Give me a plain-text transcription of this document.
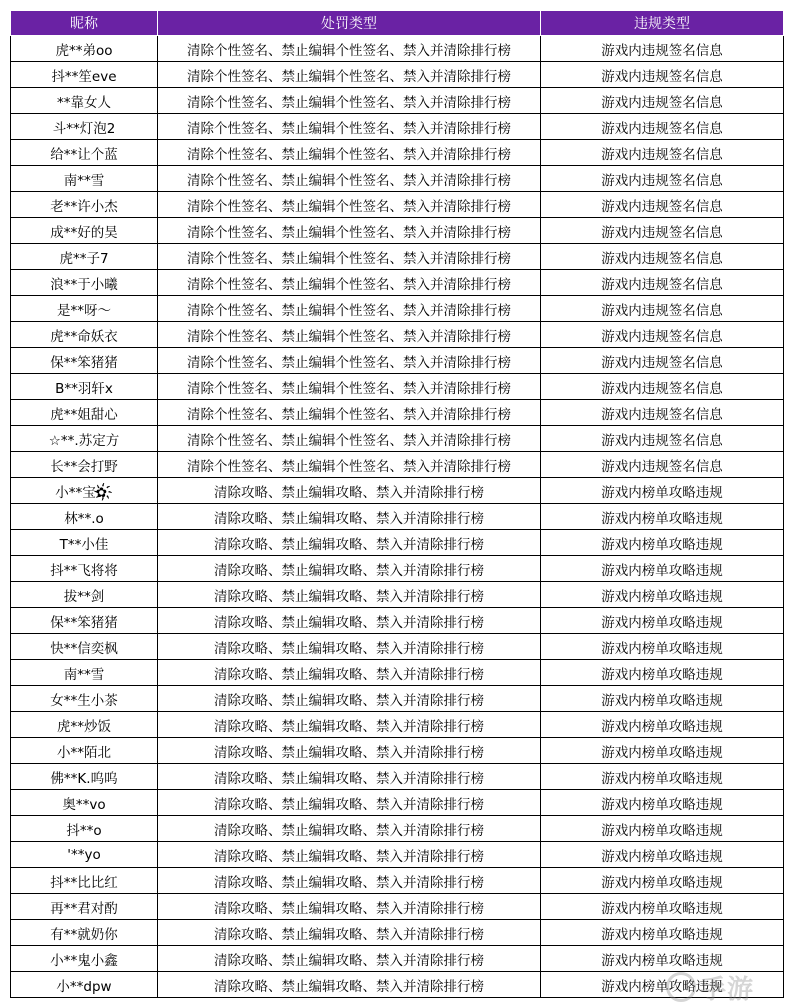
昵称	处罚类型	违规类型
虎**弟oo	清除个性签名、禁止编辑个性签名、禁入并清除排行榜	游戏内违规签名信息
抖**笙eve	清除个性签名、禁止编辑个性签名、禁入并清除排行榜	游戏内违规签名信息
**靠女人	清除个性签名、禁止编辑个性签名、禁入并清除排行榜	游戏内违规签名信息
斗**灯泡2	清除个性签名、禁止编辑个性签名、禁入并清除排行榜	游戏内违规签名信息
给**让个蓝	清除个性签名、禁止编辑个性签名、禁入并清除排行榜	游戏内违规签名信息
南**雪	清除个性签名、禁止编辑个性签名、禁入并清除排行榜	游戏内违规签名信息
老**许小杰	清除个性签名、禁止编辑个性签名、禁入并清除排行榜	游戏内违规签名信息
成**好的昊	清除个性签名、禁止编辑个性签名、禁入并清除排行榜	游戏内违规签名信息
虎**子7	清除个性签名、禁止编辑个性签名、禁入并清除排行榜	游戏内违规签名信息
浪**于小曦	清除个性签名、禁止编辑个性签名、禁入并清除排行榜	游戏内违规签名信息
是**呀～	清除个性签名、禁止编辑个性签名、禁入并清除排行榜	游戏内违规签名信息
虎**命妖衣	清除个性签名、禁止编辑个性签名、禁入并清除排行榜	游戏内违规签名信息
保**笨猪猪	清除个性签名、禁止编辑个性签名、禁入并清除排行榜	游戏内违规签名信息
B**羽轩x	清除个性签名、禁止编辑个性签名、禁入并清除排行榜	游戏内违规签名信息
虎**姐甜心	清除个性签名、禁止编辑个性签名、禁入并清除排行榜	游戏内违规签名信息
☆**.苏定方	清除个性签名、禁止编辑个性签名、禁入并清除排行榜	游戏内违规签名信息
长**会打野	清除个性签名、禁止编辑个性签名、禁入并清除排行榜	游戏内违规签名信息
小**宝✿҉	清除攻略、禁止编辑攻略、禁入并清除排行榜	游戏内榜单攻略违规
林**.o	清除攻略、禁止编辑攻略、禁入并清除排行榜	游戏内榜单攻略违规
T**小佳	清除攻略、禁止编辑攻略、禁入并清除排行榜	游戏内榜单攻略违规
抖**飞将将	清除攻略、禁止编辑攻略、禁入并清除排行榜	游戏内榜单攻略违规
拔**剑	清除攻略、禁止编辑攻略、禁入并清除排行榜	游戏内榜单攻略违规
保**笨猪猪	清除攻略、禁止编辑攻略、禁入并清除排行榜	游戏内榜单攻略违规
快**信奕枫	清除攻略、禁止编辑攻略、禁入并清除排行榜	游戏内榜单攻略违规
南**雪	清除攻略、禁止编辑攻略、禁入并清除排行榜	游戏内榜单攻略违规
女**生小茶	清除攻略、禁止编辑攻略、禁入并清除排行榜	游戏内榜单攻略违规
虎**炒饭	清除攻略、禁止编辑攻略、禁入并清除排行榜	游戏内榜单攻略违规
小**陌北	清除攻略、禁止编辑攻略、禁入并清除排行榜	游戏内榜单攻略违规
佛**K.呜呜	清除攻略、禁止编辑攻略、禁入并清除排行榜	游戏内榜单攻略违规
奥**vo	清除攻略、禁止编辑攻略、禁入并清除排行榜	游戏内榜单攻略违规
抖**o	清除攻略、禁止编辑攻略、禁入并清除排行榜	游戏内榜单攻略违规
'**yo	清除攻略、禁止编辑攻略、禁入并清除排行榜	游戏内榜单攻略违规
抖**比比红	清除攻略、禁止编辑攻略、禁入并清除排行榜	游戏内榜单攻略违规
再**君对酌	清除攻略、禁止编辑攻略、禁入并清除排行榜	游戏内榜单攻略违规
有**就奶你	清除攻略、禁止编辑攻略、禁入并清除排行榜	游戏内榜单攻略违规
小**鬼小鑫	清除攻略、禁止编辑攻略、禁入并清除排行榜	游戏内榜单攻略违规
小**dpw	清除攻略、禁止编辑攻略、禁入并清除排行榜	游戏内榜单攻略违规
手游
